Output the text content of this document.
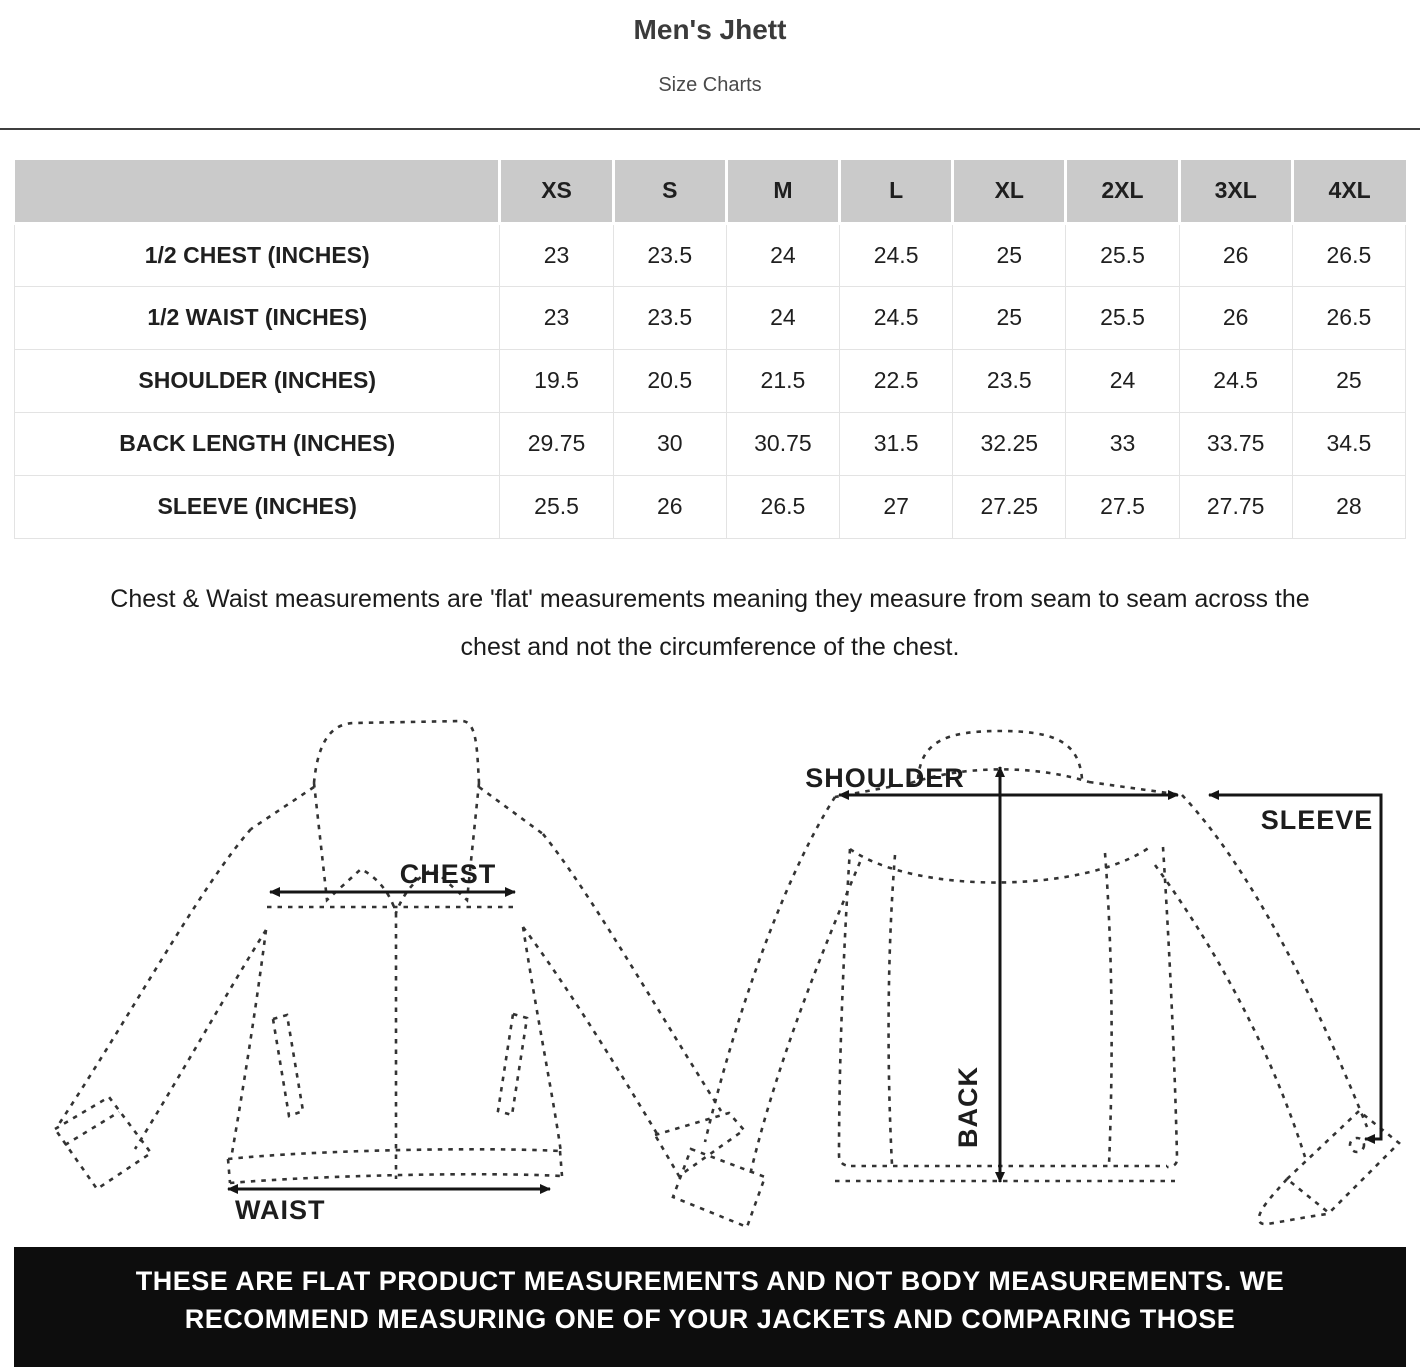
Men's Jhett
Size Charts
	XS	S	M	L	XL	2XL	3XL	4XL
1/2 CHEST (INCHES)	23	23.5	24	24.5	25	25.5	26	26.5
1/2 WAIST (INCHES)	23	23.5	24	24.5	25	25.5	26	26.5
SHOULDER (INCHES)	19.5	20.5	21.5	22.5	23.5	24	24.5	25
BACK LENGTH (INCHES)	29.75	30	30.75	31.5	32.25	33	33.75	34.5
SLEEVE (INCHES)	25.5	26	26.5	27	27.25	27.5	27.75	28
Chest & Waist measurements are 'flat' measurements meaning they measure from seam to seam across the
chest and not the circumference of the chest.
CHEST
WAIST
SHOULDER
SLEEVE
BACK
THESE ARE FLAT PRODUCT MEASUREMENTS AND NOT BODY MEASUREMENTS. WE
RECOMMEND MEASURING ONE OF YOUR JACKETS AND COMPARING THOSE
